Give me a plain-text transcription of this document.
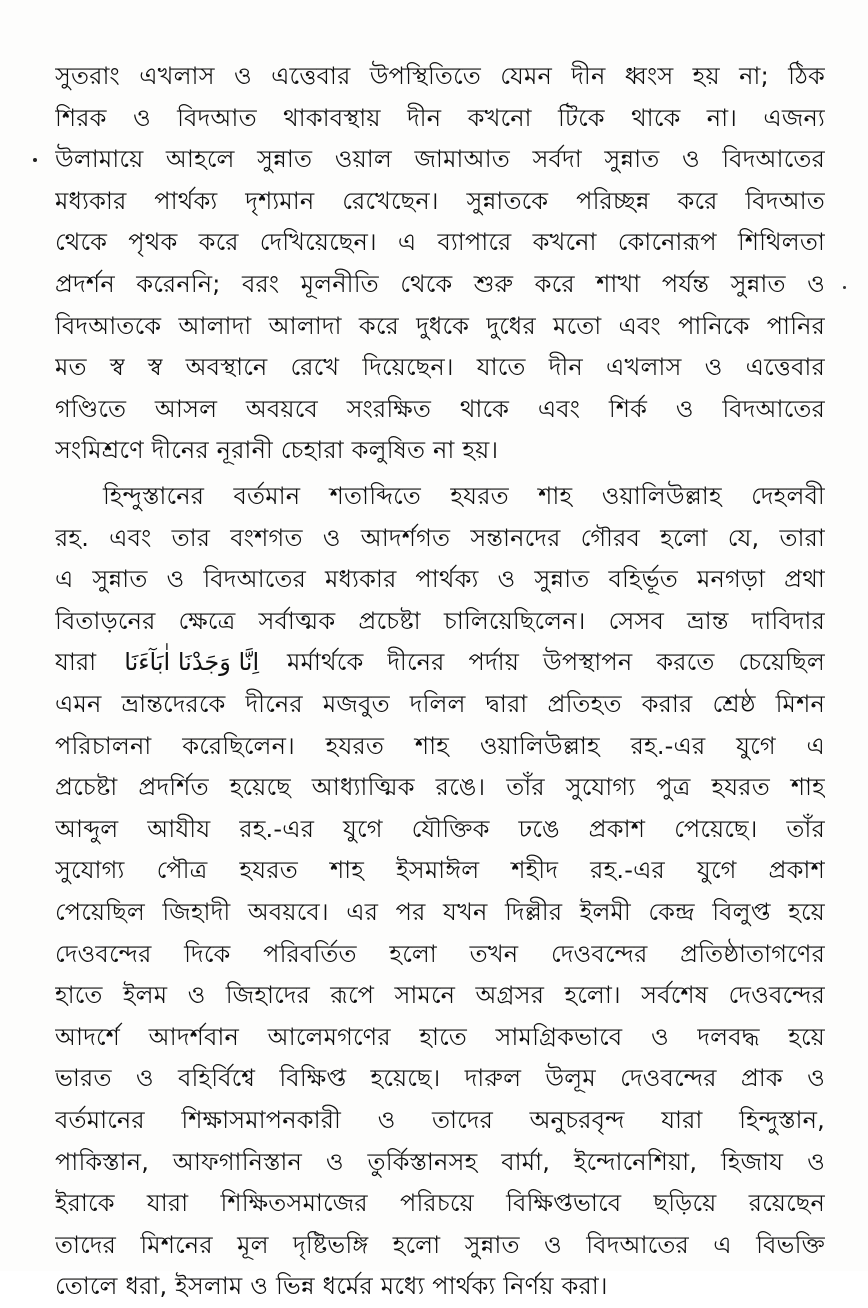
সুতরাং এখলাস ও এত্তেবার উপস্থিতিতে যেমন দীন ধ্বংস হয় না; ঠিক
শিরক ও বিদআত থাকাবস্থায় দীন কখনো টিকে থাকে না। এজন্য
উলামায়ে আহলে সুন্নাত ওয়াল জামাআত সর্বদা সুন্নাত ও বিদআতের
মধ্যকার পার্থক্য দৃশ্যমান রেখেছেন। সুন্নাতকে পরিচ্ছন্ন করে বিদআত
থেকে পৃথক করে দেখিয়েছেন। এ ব্যাপারে কখনো কোনোরূপ শিথিলতা
প্রদর্শন করেননি; বরং মূলনীতি থেকে শুরু করে শাখা পর্যন্ত সুন্নাত ও
বিদআতকে আলাদা আলাদা করে দুধকে দুধের মতো এবং পানিকে পানির
মত স্ব স্ব অবস্থানে রেখে দিয়েছেন। যাতে দীন এখলাস ও এত্তেবার
গণ্ডিতে আসল অবয়বে সংরক্ষিত থাকে এবং শির্ক ও বিদআতের
সংমিশ্রণে দীনের নূরানী চেহারা কলুষিত না হয়।
হিন্দুস্তানের বর্তমান শতাব্দিতে হযরত শাহ ওয়ালিউল্লাহ দেহলবী
রহ. এবং তার বংশগত ও আদর্শগত সন্তানদের গৌরব হলো যে, তারা
এ সুন্নাত ও বিদআতের মধ্যকার পার্থক্য ও সুন্নাত বহির্ভূত মনগড়া প্রথা
বিতাড়নের ক্ষেত্রে সর্বাত্মক প্রচেষ্টা চালিয়েছিলেন। সেসব ভ্রান্ত দাবিদার
যারা اِنَّا وَجَدْنَا اٰبَآءَنَا মর্মার্থকে দীনের পর্দায় উপস্থাপন করতে চেয়েছিল
এমন ভ্রান্তদেরকে দীনের মজবুত দলিল দ্বারা প্রতিহত করার শ্রেষ্ঠ মিশন
পরিচালনা করেছিলেন। হযরত শাহ ওয়ালিউল্লাহ রহ.-এর যুগে এ
প্রচেষ্টা প্রদর্শিত হয়েছে আধ্যাত্মিক রঙে। তাঁর সুযোগ্য পুত্র হযরত শাহ
আব্দুল আযীয রহ.-এর যুগে যৌক্তিক ঢঙে প্রকাশ পেয়েছে। তাঁর
সুযোগ্য পৌত্র হযরত শাহ ইসমাঈল শহীদ রহ.-এর যুগে প্রকাশ
পেয়েছিল জিহাদী অবয়বে। এর পর যখন দিল্লীর ইলমী কেন্দ্র বিলুপ্ত হয়ে
দেওবন্দের দিকে পরিবর্তিত হলো তখন দেওবন্দের প্রতিষ্ঠাতাগণের
হাতে ইলম ও জিহাদের রূপে সামনে অগ্রসর হলো। সর্বশেষ দেওবন্দের
আদর্শে আদর্শবান আলেমগণের হাতে সামগ্রিকভাবে ও দলবদ্ধ হয়ে
ভারত ও বহির্বিশ্বে বিক্ষিপ্ত হয়েছে। দারুল উলূম দেওবন্দের প্রাক ও
বর্তমানের শিক্ষাসমাপনকারী ও তাদের অনুচরবৃন্দ যারা হিন্দুস্তান,
পাকিস্তান, আফগানিস্তান ও তুর্কিস্তানসহ বার্মা, ইন্দোনেশিয়া, হিজায ও
ইরাকে যারা শিক্ষিতসমাজের পরিচয়ে বিক্ষিপ্তভাবে ছড়িয়ে রয়েছেন
তাদের মিশনের মূল দৃষ্টিভঙ্গি হলো সুন্নাত ও বিদআতের এ বিভক্তি
তোলে ধরা, ইসলাম ও ভিন্ন ধর্মের মধ্যে পার্থক্য নির্ণয় করা।
